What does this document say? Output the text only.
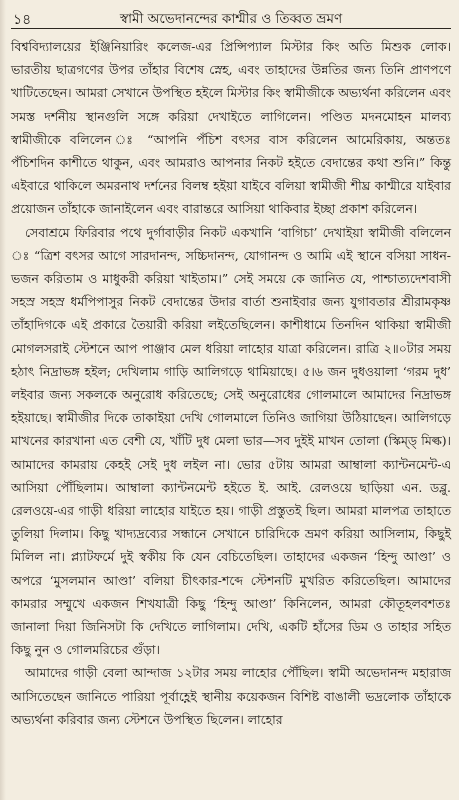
১৪	স্বামী অভেদানন্দের কাশ্মীর ও তিব্বত ভ্রমণ

বিশ্ববিদ্যালয়ের ইঞ্জিনিয়ারিং কলেজ-এর প্রিন্সিপ্যাল মিস্টার কিং অতি মিশুক লোক। ভারতীয় ছাত্রগণের উপর তাঁহার বিশেষ স্নেহ, এবং তাহাদের উন্নতির জন্য তিনি প্রাণপণে খাটিতেছেন। আমরা সেখানে উপস্থিত হইলে মিস্টার কিং স্বামীজীকে অভ্যর্থনা করিলেন এবং সমস্ত দর্শনীয় স্থানগুলি সঙ্গে করিয়া দেখাইতে লাগিলেন। পণ্ডিত মদনমোহন মালব্য স্বামীজীকে বলিলেন ঃ “আপনি পঁচিশ বৎসর বাস করিলেন আমেরিকায়, অন্ততঃ পঁচিশদিন কাশীতে থাকুন, এবং আমরাও আপনার নিকট হইতে বেদান্তের কথা শুনি।” কিন্তু এইবারে থাকিলে অমরনাথ দর্শনের বিলম্ব হইয়া যাইবে বলিয়া স্বামীজী শীঘ্র কাশ্মীরে যাইবার প্রয়োজন তাঁহাকে জানাইলেন এবং বারান্তরে আসিয়া থাকিবার ইচ্ছা প্রকাশ করিলেন।

সেবাশ্রমে ফিরিবার পথে দুর্গাবাড়ীর নিকট একখানি ‘বাগিচা’ দেখাইয়া স্বামীজী বলিলেন ঃ “ত্রিশ বৎসর আগে সারদানন্দ, সচ্চিদানন্দ, যোগানন্দ ও আমি এই স্থানে বসিয়া সাধন-ভজন করিতাম ও মাধুকরী করিয়া খাইতাম।” সেই সময়ে কে জানিত যে, পাশ্চাত্যদেশবাসী সহস্র সহস্র ধর্মপিপাসুর নিকট বেদান্তের উদার বার্তা শুনাইবার জন্য যুগাবতার শ্রীরামকৃষ্ণ তাঁহাদিগকে এই প্রকারে তৈয়ারী করিয়া লইতেছিলেন। কাশীধামে তিনদিন থাকিয়া স্বামীজী মোগলসরাই স্টেশনে আপ পাঞ্জাব মেল ধরিয়া লাহোর যাত্রা করিলেন। রাত্রি ২॥০টার সময় হঠাৎ নিদ্রাভঙ্গ হইল; দেখিলাম গাড়ি আলিগড়ে থামিয়াছে। ৫।৬ জন দুধওয়ালা ‘গরম দুধ’ লইবার জন্য সকলকে অনুরোধ করিতেছে; সেই অনুরোধের গোলমালে আমাদের নিদ্রাভঙ্গ হইয়াছে। স্বামীজীর দিকে তাকাইয়া দেখি গোলমালে তিনিও জাগিয়া উঠিয়াছেন। আলিগড়ে মাখনের কারখানা এত বেশী যে, খাঁটি দুধ মেলা ভার—সব দুইই মাখন তোলা (স্কিম্‌ড্‌ মিল্ক)। আমাদের কামরায় কেহই সেই দুধ লইল না। ভোর ৫টায় আমরা আম্বালা ক্যান্টনমেন্ট-এ আসিয়া পৌঁছিলাম। আম্বালা ক্যান্টনমেন্ট হইতে ই. আই. রেলওয়ে ছাড়িয়া এন. ডব্লু. রেলওয়ে-এর গাড়ী ধরিয়া লাহোর যাইতে হয়। গাড়ী প্রস্তুতই ছিল। আমরা মালপত্র তাহাতে তুলিয়া দিলাম। কিছু খাদ্যদ্রব্যের সন্ধানে সেখানে চারিদিকে ভ্রমণ করিয়া আসিলাম, কিছুই মিলিল না। প্ল্যাটফর্মে দুই স্বকীয় কি যেন বেচিতেছিল। তাহাদের একজন ‘হিন্দু আণ্ডা’ ও অপরে ‘মুসলমান আণ্ডা’ বলিয়া চীৎকার-শব্দে স্টেশনটি মুখরিত করিতেছিল। আমাদের কামরার সম্মুখে একজন শিখযাত্রী কিছু ‘হিন্দু আণ্ডা’ কিনিলেন, আমরা কৌতূহলবশতঃ জানালা দিয়া জিনিসটা কি দেখিতে লাগিলাম। দেখি, একটি হাঁসের ডিম ও তাহার সহিত কিছু নুন ও গোলমরিচের গুঁড়া।

আমাদের গাড়ী বেলা আন্দাজ ১২টার সময় লাহোর পৌঁছিল। স্বামী অভেদানন্দ মহারাজ আসিতেছেন জানিতে পারিয়া পূর্বাহ্ণেই স্থানীয় কয়েকজন বিশিষ্ট বাঙালী ভদ্রলোক তাঁহাকে অভ্যর্থনা করিবার জন্য স্টেশনে উপস্থিত ছিলেন। লাহোর
